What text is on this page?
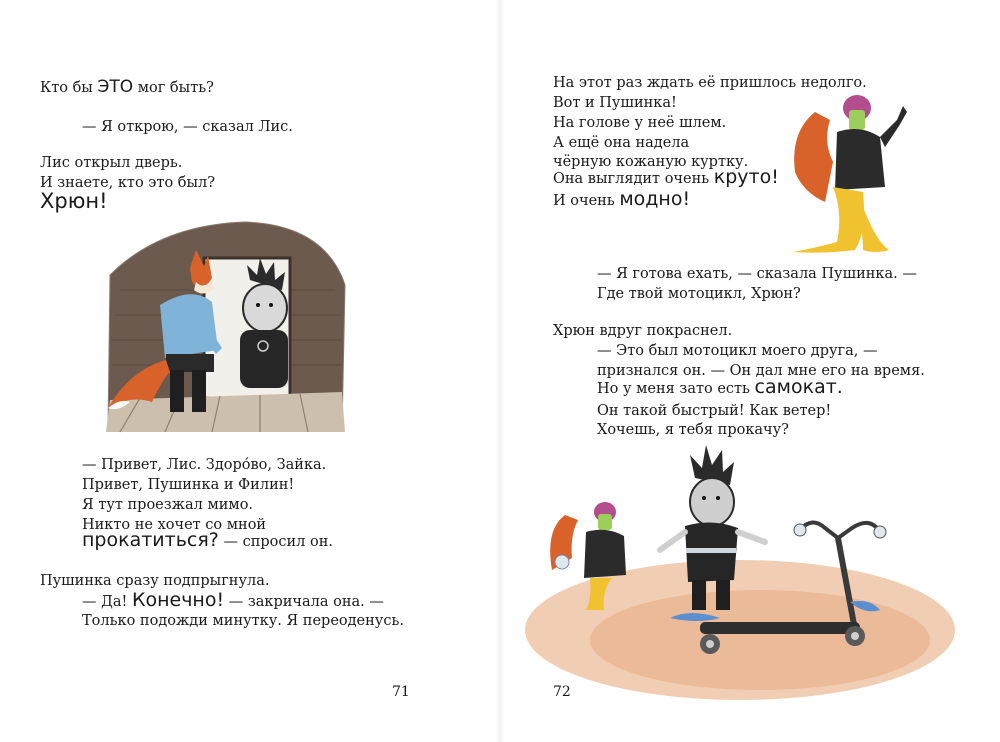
Кто бы ЭТО мог быть?
— Я открою, — сказал Лис.
Лис открыл дверь.
И знаете, кто это был?
Хрюн!
— Привет, Лис. Здоро́во, Зайка.
Привет, Пушинка и Филин!
Я тут проезжал мимо.
Никто не хочет со мной
прокатиться? — спросил он.
Пушинка сразу подпрыгнула.
— Да! Конечно! — закричала она. —
Только подожди минутку. Я переоденусь.
71
На этот раз ждать её пришлось недолго.
Вот и Пушинка!
На голове у неё шлем.
А ещё она надела
чёрную кожаную куртку.
Она выглядит очень круто!
И очень модно!
— Я готова ехать, — сказала Пушинка. —
Где твой мотоцикл, Хрюн?
Хрюн вдруг покраснел.
— Это был мотоцикл моего друга, —
признался он. — Он дал мне его на время.
Но у меня зато есть самокат.
Он такой быстрый! Как ветер!
Хочешь, я тебя прокачу?
72
